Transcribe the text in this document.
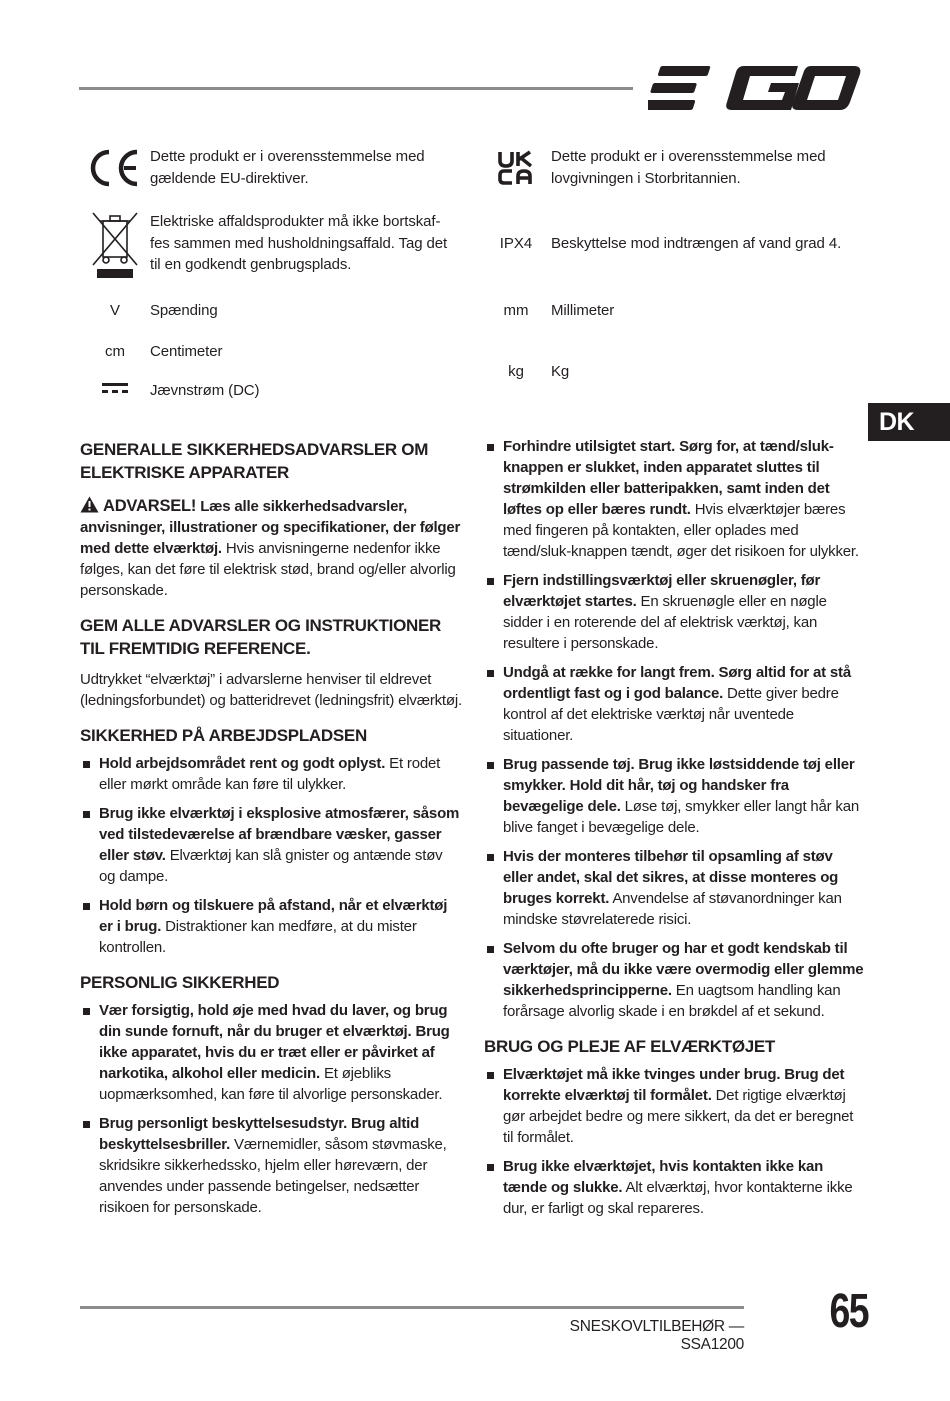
Dette produkt er i overensstemmelse med gældende EU-direktiver.
Elektriske affaldsprodukter må ikke bortskaf-fes sammen med husholdningsaffald. Tag det til en godkendt genbrugsplads.
V	Spænding
cm	Centimeter
Jævnstrøm (DC)
Dette produkt er i overensstemmelse med lovgivningen i Storbritannien.
IPX4	Beskyttelse mod indtrængen af vand grad 4.
mm	Millimeter
kg	Kg
DK
GENERALLE SIKKERHEDSADVARSLER OM ELEKTRISKE APPARATER

ADVARSEL! Læs alle sikkerhedsadvarsler, anvisninger, illustrationer og specifikationer, der følger med dette elværktøj. Hvis anvisningerne nedenfor ikke følges, kan det føre til elektrisk stød, brand og/eller alvorlig personskade.

GEM ALLE ADVARSLER OG INSTRUKTIONER TIL FREMTIDIG REFERENCE.

Udtrykket “elværktøj” i advarslerne henviser til eldrevet (ledningsforbundet) og batteridrevet (ledningsfrit) elværktøj.

SIKKERHED PÅ ARBEJDSPLADSEN
Hold arbejdsområdet rent og godt oplyst. Et rodet eller mørkt område kan føre til ulykker.
Brug ikke elværktøj i eksplosive atmosfærer, såsom ved tilstedeværelse af brændbare væsker, gasser eller støv. Elværktøj kan slå gnister og antænde støv og dampe.
Hold børn og tilskuere på afstand, når et elværktøj er i brug. Distraktioner kan medføre, at du mister kontrollen.
PERSONLIG SIKKERHED
Vær forsigtig, hold øje med hvad du laver, og brug din sunde fornuft, når du bruger et elværktøj. Brug ikke apparatet, hvis du er træt eller er påvirket af narkotika, alkohol eller medicin. Et øjebliks uopmærksomhed, kan føre til alvorlige personskader.
Brug personligt beskyttelsesudstyr. Brug altid beskyttelsesbriller. Værnemidler, såsom støvmaske, skridsikre sikkerhedssko, hjelm eller høreværn, der anvendes under passende betingelser, nedsætter risikoen for personskade.
Forhindre utilsigtet start. Sørg for, at tænd/sluk-knappen er slukket, inden apparatet sluttes til strømkilden eller batteripakken, samt inden det løftes op eller bæres rundt. Hvis elværktøjer bæres med fingeren på kontakten, eller oplades med tænd/sluk-knappen tændt, øger det risikoen for ulykker.
Fjern indstillingsværktøj eller skruenøgler, før elværktøjet startes. En skruenøgle eller en nøgle sidder i en roterende del af elektrisk værktøj, kan resultere i personskade.
Undgå at række for langt frem. Sørg altid for at stå ordentligt fast og i god balance. Dette giver bedre kontrol af det elektriske værktøj når uventede situationer.
Brug passende tøj. Brug ikke løstsiddende tøj eller smykker. Hold dit hår, tøj og handsker fra bevægelige dele. Løse tøj, smykker eller langt hår kan blive fanget i bevægelige dele.
Hvis der monteres tilbehør til opsamling af støv eller andet, skal det sikres, at disse monteres og bruges korrekt. Anvendelse af støvanordninger kan mindske støvrelaterede risici.
Selvom du ofte bruger og har et godt kendskab til værktøjer, må du ikke være overmodig eller glemme sikkerhedsprincipperne. En uagtsom handling kan forårsage alvorlig skade i en brøkdel af et sekund.
BRUG OG PLEJE AF ELVÆRKTØJET
Elværktøjet må ikke tvinges under brug. Brug det korrekte elværktøj til formålet. Det rigtige elværktøj gør arbejdet bedre og mere sikkert, da det er beregnet til formålet.
Brug ikke elværktøjet, hvis kontakten ikke kan tænde og slukke. Alt elværktøj, hvor kontakterne ikke dur, er farligt og skal repareres.
SNESKOVLTILBEHØR — SSA1200
65
